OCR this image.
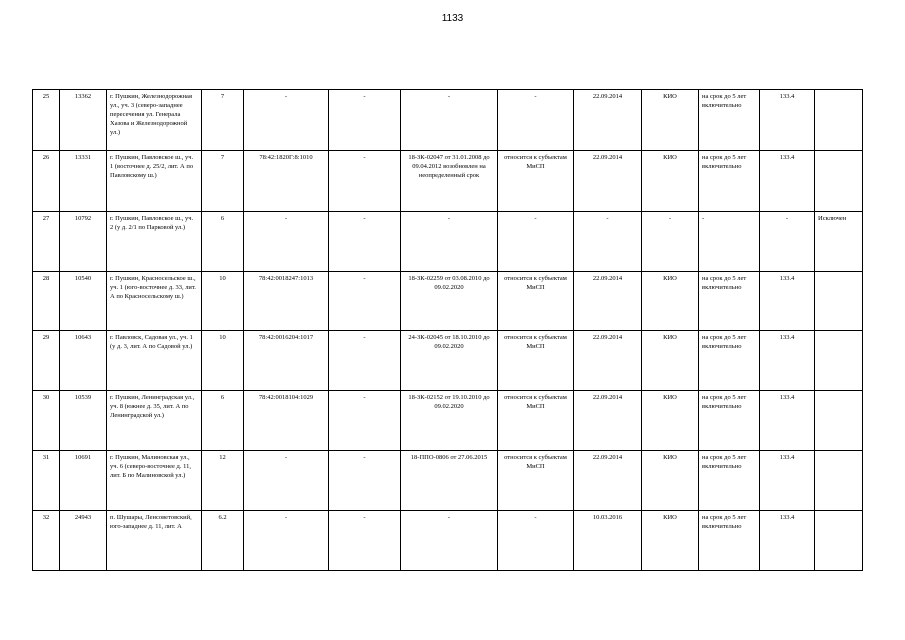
1133
25	13362	г. Пушкин, Железнодорожная ул., уч. 3 (северо-западнее пересечения ул. Генерала Хазова и Железнодорожной ул.)	7	-	-	-	-	22.09.2014	КИО	на срок до 5 лет включительно	133.4	
26	13331	г. Пушкин, Павловское ш., уч. 1 (восточнее д. 25/2, лит. А по Павловскому ш.)	7	78:42:1820Г:8:1010	-	18-ЗК-02047 от 31.01.2008 до 09.04.2012 возобновлен на неопределенный срок	относится к субъектам МиСП	22.09.2014	КИО	на срок до 5 лет включительно	133.4	
27	10792	г. Пушкин, Павловское ш., уч. 2 (у д. 2/1 по Парковой ул.)	6	-	-	-	-	-	-	-	-	Исключен
28	10540	г. Пушкин, Красносельское ш., уч. 1 (юго-восточнее д. 33, лит. А по Красносельскому ш.)	10	78:42:0018247:1013	-	18-ЗК-02259 от 03.08.2010 до 09.02.2020	относится к субъектам МиСП	22.09.2014	КИО	на срок до 5 лет включительно	133.4	
29	10643	г. Павловск, Садовая ул., уч. 1 (у д. 3, лит. А по Садовой ул.)	10	78:42:0016204:1017	-	24-ЗК-02045 от 18.10.2010 до 09.02.2020	относится к субъектам МиСП	22.09.2014	КИО	на срок до 5 лет включительно	133.4	
30	10539	г. Пушкин, Ленинградская ул., уч. 8 (южнее д. 35, лит. А по Ленинградской ул.)	6	78:42:0018104:1029	-	18-ЗК-02152 от 19.10.2010 до 09.02.2020	относится к субъектам МиСП	22.09.2014	КИО	на срок до 5 лет включительно	133.4	
31	10691	г. Пушкин, Малиновская ул., уч. 6 (северо-восточнее д. 11, лит. Б по Малиновской ул.)	12	-	-	18-ППО-0806 от 27.06.2015	относится к субъектам МиСП	22.09.2014	КИО	на срок до 5 лет включительно	133.4	
32	24943	п. Шушары, Ленсоветовский, юго-западнее д. 11, лит. А	6.2	-	-	-	-	10.03.2016	КИО	на срок до 5 лет включительно	133.4	
